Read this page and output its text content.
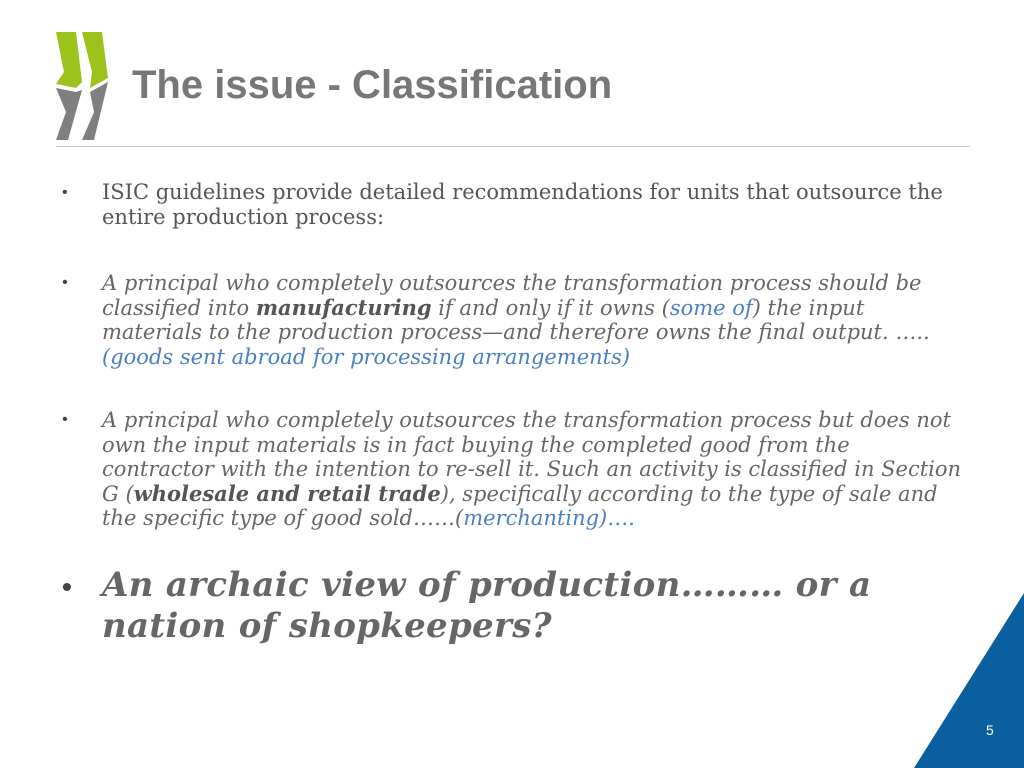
The issue - Classification
• ISIC guidelines provide detailed recommendations for units that outsource the entire production process:
• A principal who completely outsources the transformation process should be classified into manufacturing if and only if it owns (some of) the input materials to the production process—and therefore owns the final output. …..(goods sent abroad for processing arrangements)
• A principal who completely outsources the transformation process but does not own the input materials is in fact buying the completed good from the contractor with the intention to re-sell it. Such an activity is classified in Section G (wholesale and retail trade), specifically according to the type of sale and the specific type of good sold……(merchanting)….
• An archaic view of production……… or a nation of shopkeepers?
5
